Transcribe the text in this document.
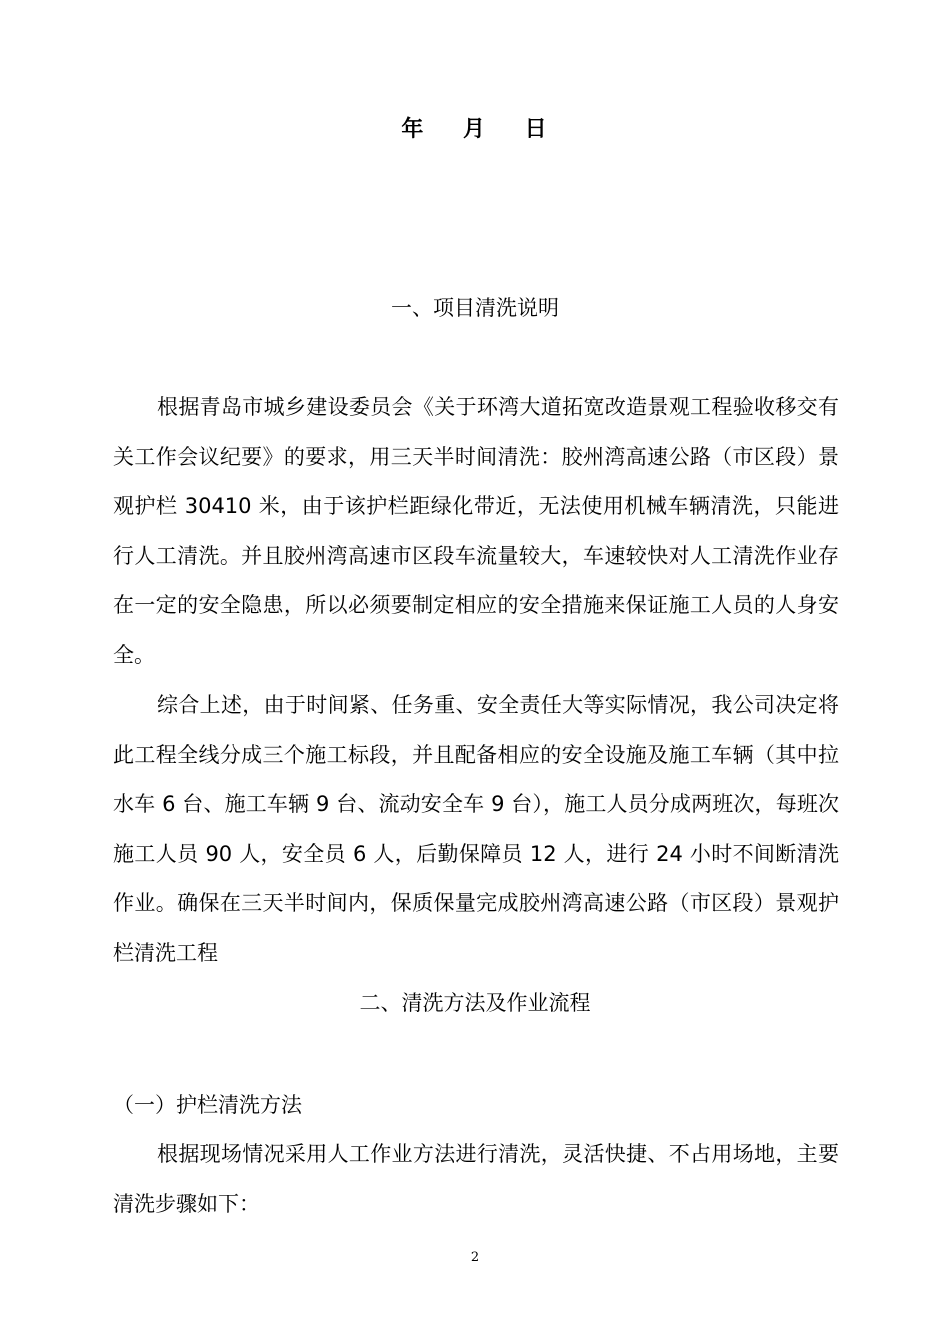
年 月 日
一、项目清洗说明

根据青岛市城乡建设委员会《关于环湾大道拓宽改造景观工程验收移交有关工作会议纪要》的要求，用三天半时间清洗：胶州湾高速公路（市区段）景观护栏 30410 米，由于该护栏距绿化带近，无法使用机械车辆清洗，只能进行人工清洗。并且胶州湾高速市区段车流量较大，车速较快对人工清洗作业存在一定的安全隐患，所以必须要制定相应的安全措施来保证施工人员的人身安全。

综合上述，由于时间紧、任务重、安全责任大等实际情况，我公司决定将此工程全线分成三个施工标段，并且配备相应的安全设施及施工车辆（其中拉水车 6 台、施工车辆 9 台、流动安全车 9 台），施工人员分成两班次，每班次施工人员 90 人，安全员 6 人，后勤保障员 12 人，进行 24 小时不间断清洗作业。确保在三天半时间内，保质保量完成胶州湾高速公路（市区段）景观护栏清洗工程

二、清洗方法及作业流程
（一）护栏清洗方法

根据现场情况采用人工作业方法进行清洗，灵活快捷、不占用场地，主要清洗步骤如下：

2
